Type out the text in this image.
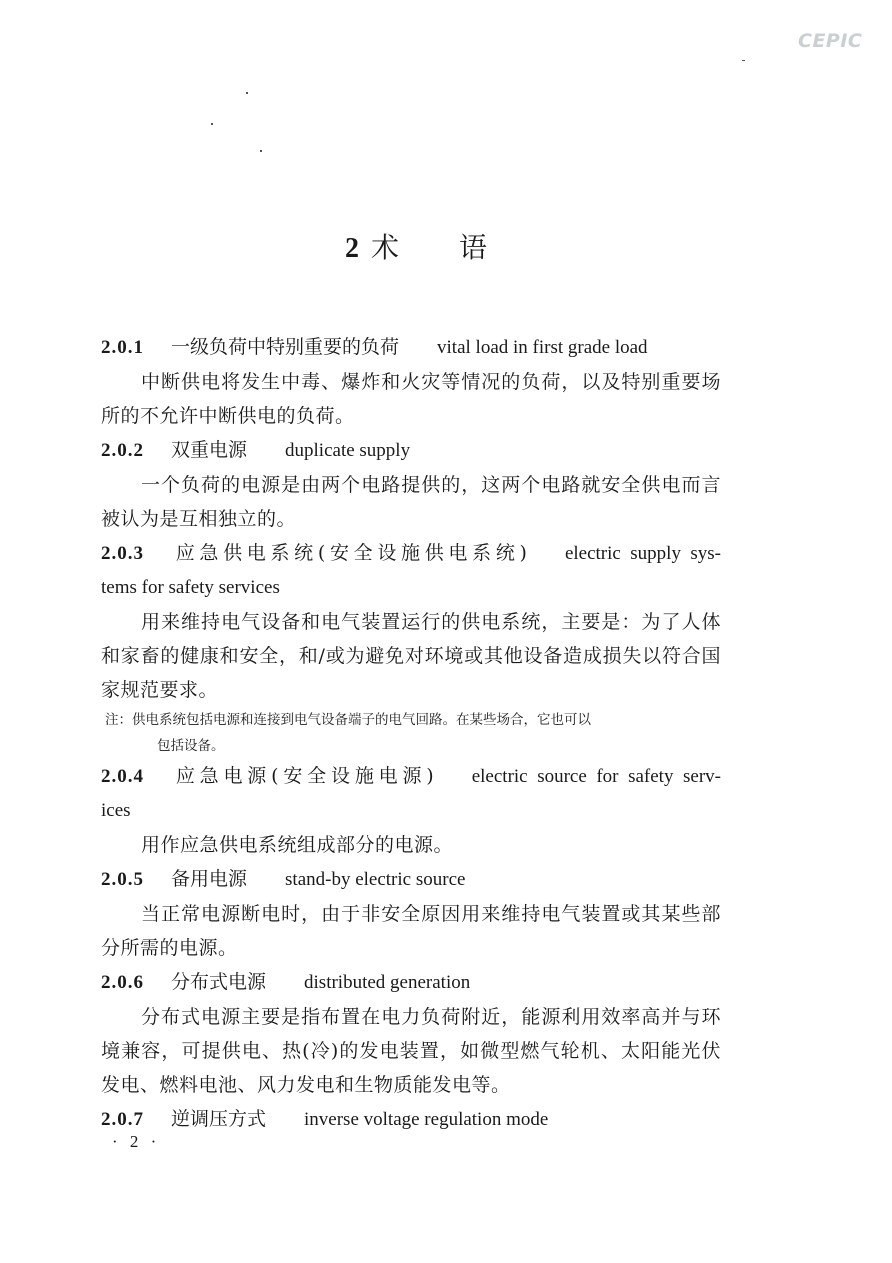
CEPIC
2 术语
2.0.1 一级负荷中特别重要的负荷 vital load in first grade load
中断供电将发生中毒、爆炸和火灾等情况的负荷，以及特别重要场所的不允许中断供电的负荷。
2.0.2 双重电源 duplicate supply
一个负荷的电源是由两个电路提供的，这两个电路就安全供电而言被认为是互相独立的。
2.0.3 应急供电系统(安全设施供电系统) electric supply sys-
tems for safety services
用来维持电气设备和电气装置运行的供电系统，主要是：为了人体和家畜的健康和安全，和/或为避免对环境或其他设备造成损失以符合国家规范要求。
注：供电系统包括电源和连接到电气设备端子的电气回路。在某些场合，它也可以
包括设备。
2.0.4 应急电源(安全设施电源) electric source for safety serv-
ices
用作应急供电系统组成部分的电源。
2.0.5 备用电源 stand-by electric source
当正常电源断电时，由于非安全原因用来维持电气装置或其某些部分所需的电源。
2.0.6 分布式电源 distributed generation
分布式电源主要是指布置在电力负荷附近，能源利用效率高并与环境兼容，可提供电、热(冷)的发电装置，如微型燃气轮机、太阳能光伏发电、燃料电池、风力发电和生物质能发电等。
2.0.7 逆调压方式 inverse voltage regulation mode
· 2 ·
